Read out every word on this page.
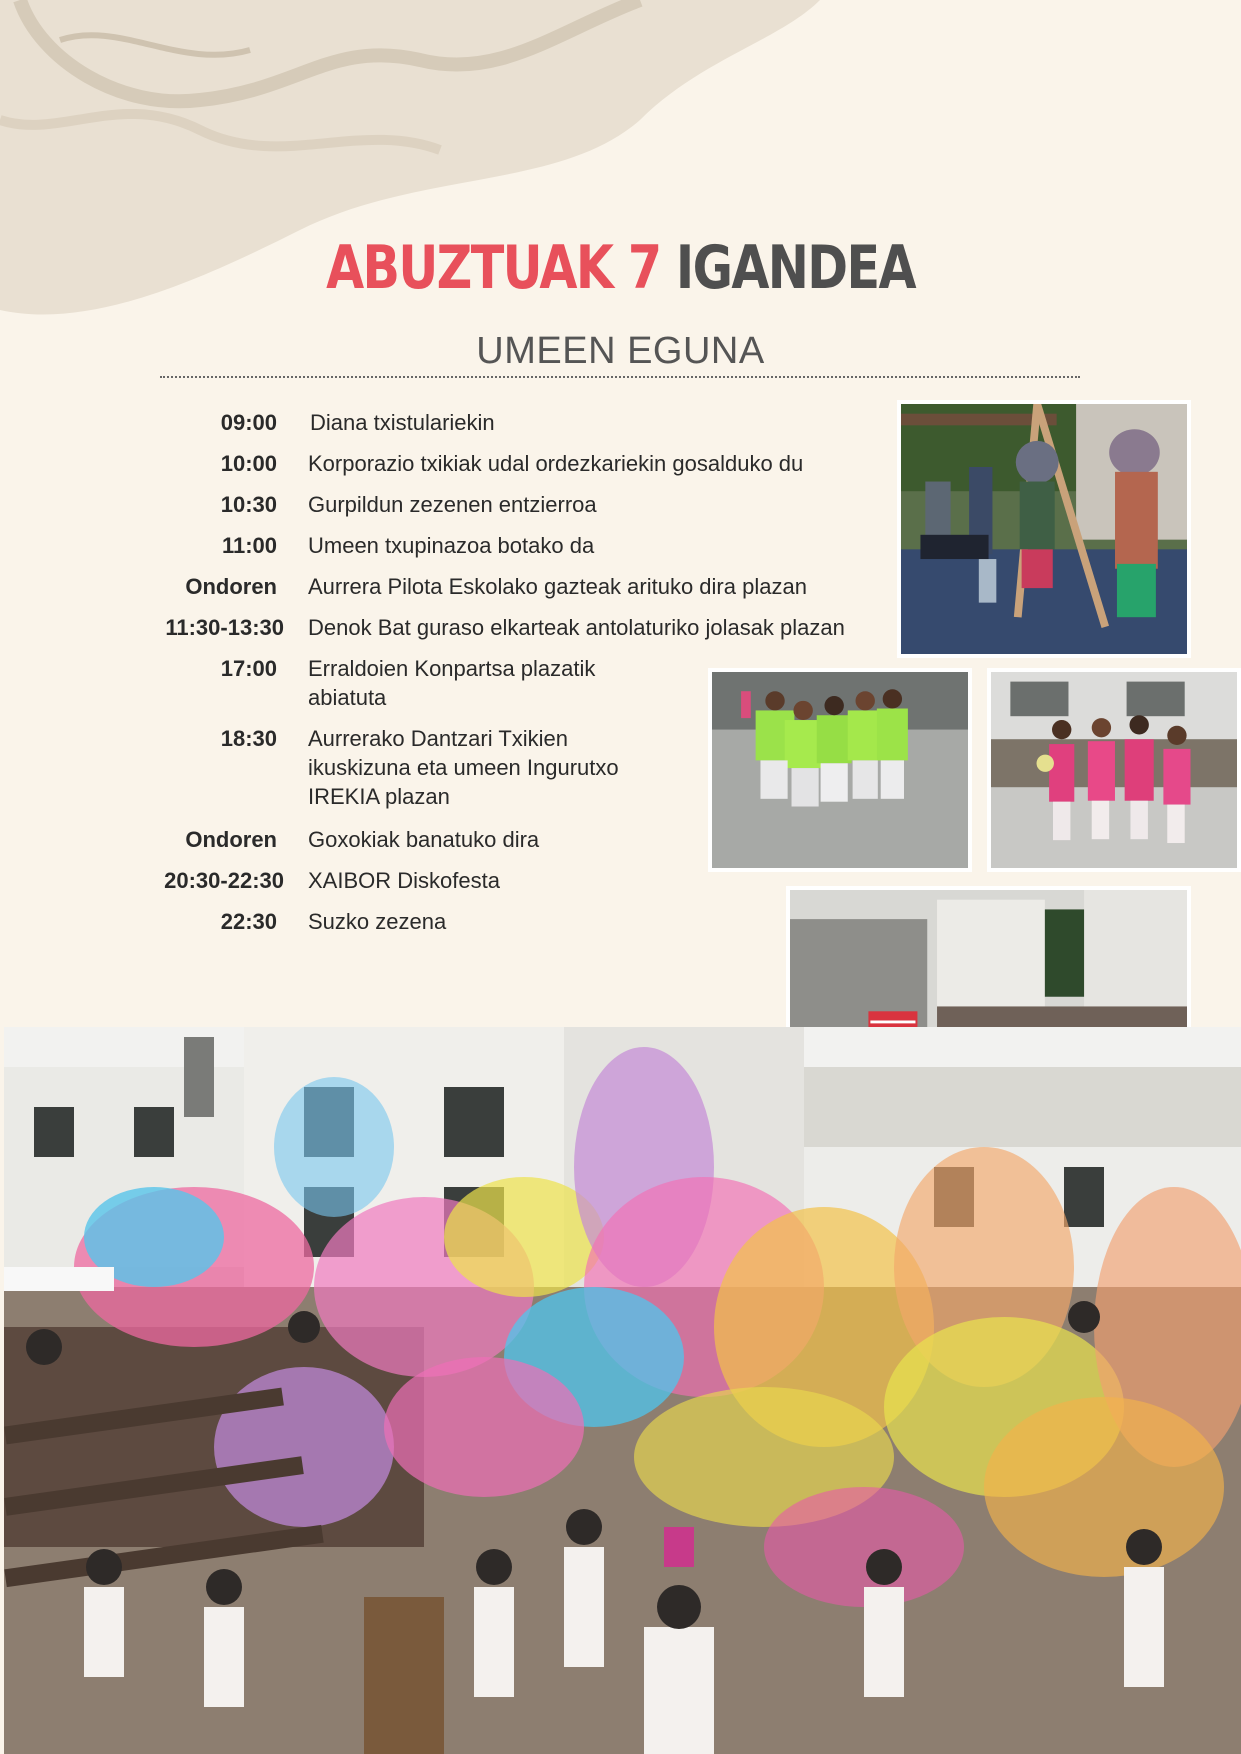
ABUZTUAK 7 IGANDEA
UMEEN EGUNA
09:00 Diana txistulariekin
10:00 Korporazio txikiak udal ordezkariekin gosalduko du
10:30 Gurpildun zezenen entzierroa
11:00 Umeen txupinazoa botako da
Ondoren Aurrera Pilota Eskolako gazteak arituko dira plazan
11:30-13:30 Denok Bat guraso elkarteak antolaturiko jolasak plazan
17:00 Erraldoien Konpartsa plazatik
abiatuta
18:30 Aurrerako Dantzari Txikien
ikuskizuna eta umeen Ingurutxo
IREKIA plazan
Ondoren Goxokiak banatuko dira
20:30-22:30 XAIBOR Diskofesta
22:30 Suzko zezena
